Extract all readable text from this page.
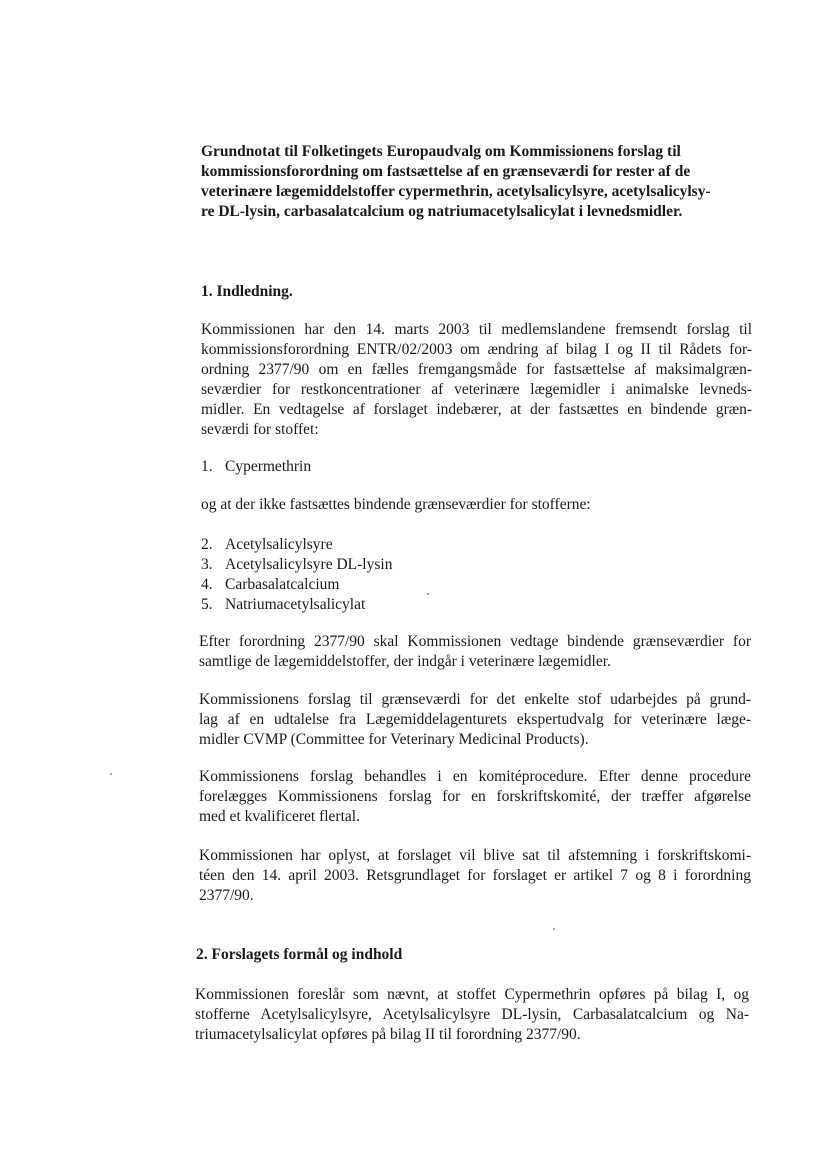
Grundnotat til Folketingets Europaudvalg om Kommissionens forslag til
kommissionsforordning om fastsættelse af en grænseværdi for rester af de
veterinære lægemiddelstoffer cypermethrin, acetylsalicylsyre, acetylsalicylsy-
re DL-lysin, carbasalatcalcium og natriumacetylsalicylat i levnedsmidler.
1. Indledning.

Kommissionen har den 14. marts 2003 til medlemslandene fremsendt forslag til
kommissionsforordning ENTR/02/2003 om ændring af bilag I og II til Rådets for-
ordning 2377/90 om en fælles fremgangsmåde for fastsættelse af maksimalgræn-
seværdier for restkoncentrationer af veterinære lægemidler i animalske levneds-
midler. En vedtagelse af forslaget indebærer, at der fastsættes en bindende græn-
seværdi for stoffet:

1. Cypermethrin

og at der ikke fastsættes bindende grænseværdier for stofferne:

2. Acetylsalicylsyre
3. Acetylsalicylsyre DL-lysin
4. Carbasalatcalcium
5. Natriumacetylsalicylat

Efter forordning 2377/90 skal Kommissionen vedtage bindende grænseværdier for
samtlige de lægemiddelstoffer, der indgår i veterinære lægemidler.

Kommissionens forslag til grænseværdi for det enkelte stof udarbejdes på grund-
lag af en udtalelse fra Lægemiddelagenturets ekspertudvalg for veterinære læge-
midler CVMP (Committee for Veterinary Medicinal Products).

Kommissionens forslag behandles i en komitéprocedure. Efter denne procedure
forelægges Kommissionens forslag for en forskriftskomité, der træffer afgørelse
med et kvalificeret flertal.

Kommissionen har oplyst, at forslaget vil blive sat til afstemning i forskriftskomi-
téen den 14. april 2003. Retsgrundlaget for forslaget er artikel 7 og 8 i forordning
2377/90.

2. Forslagets formål og indhold

Kommissionen foreslår som nævnt, at stoffet Cypermethrin opføres på bilag I, og
stofferne Acetylsalicylsyre, Acetylsalicylsyre DL-lysin, Carbasalatcalcium og Na-
triumacetylsalicylat opføres på bilag II til forordning 2377/90.
